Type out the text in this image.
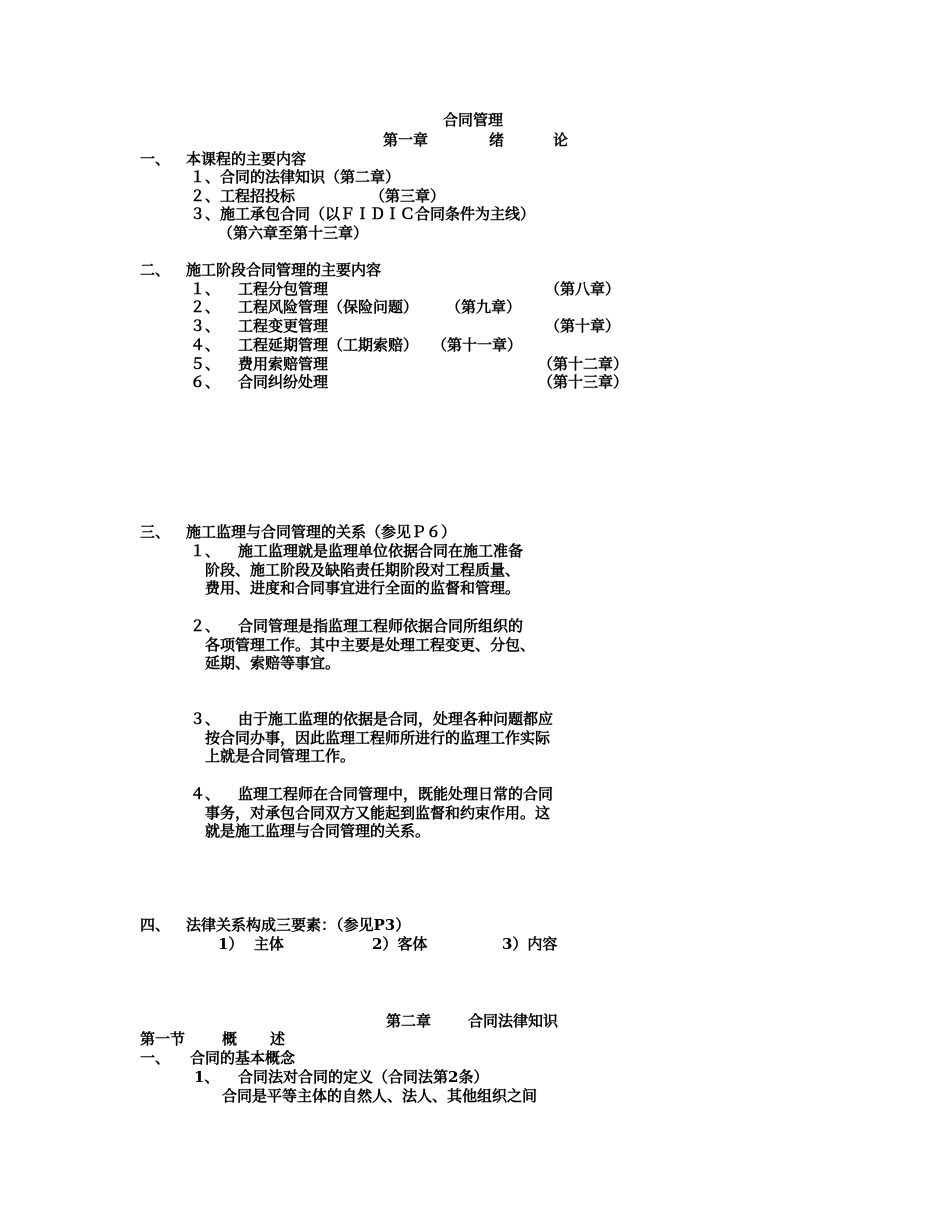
合同管理
第一章	绪	论
一、 本课程的主要内容
１、合同的法律知识（第二章）
２、工程招投标	（第三章）
３、施工承包合同（以ＦＩＤＩＣ合同条件为主线）
（第六章至第十三章）
二、 施工阶段合同管理的主要内容
１、 工程分包管理	（第八章）
２、 工程风险管理（保险问题） （第九章）
３、 工程变更管理	（第十章）
４、 工程延期管理（工期索赔） （第十一章）
５、 费用索赔管理	（第十二章）
６、 合同纠纷处理	（第十三章）
三、 施工监理与合同管理的关系（参见Ｐ６）
１、 施工监理就是监理单位依据合同在施工准备
阶段、施工阶段及缺陷责任期阶段对工程质量、
费用、进度和合同事宜进行全面的监督和管理。
２、 合同管理是指监理工程师依据合同所组织的
各项管理工作。其中主要是处理工程变更、分包、
延期、索赔等事宜。
３、 由于施工监理的依据是合同，处理各种问题都应
按合同办事，因此监理工程师所进行的监理工作实际
上就是合同管理工作。
４、 监理工程师在合同管理中，既能处理日常的合同
事务，对承包合同双方又能起到监督和约束作用。这
就是施工监理与合同管理的关系。
四、 法律关系构成三要素：（参见P3）
1）  主体	2）客体	3）内容
第二章 合同法律知识
第一节 概 述
一、 合同的基本概念
1、 合同法对合同的定义（合同法第2条）
合同是平等主体的自然人、法人、其他组织之间
